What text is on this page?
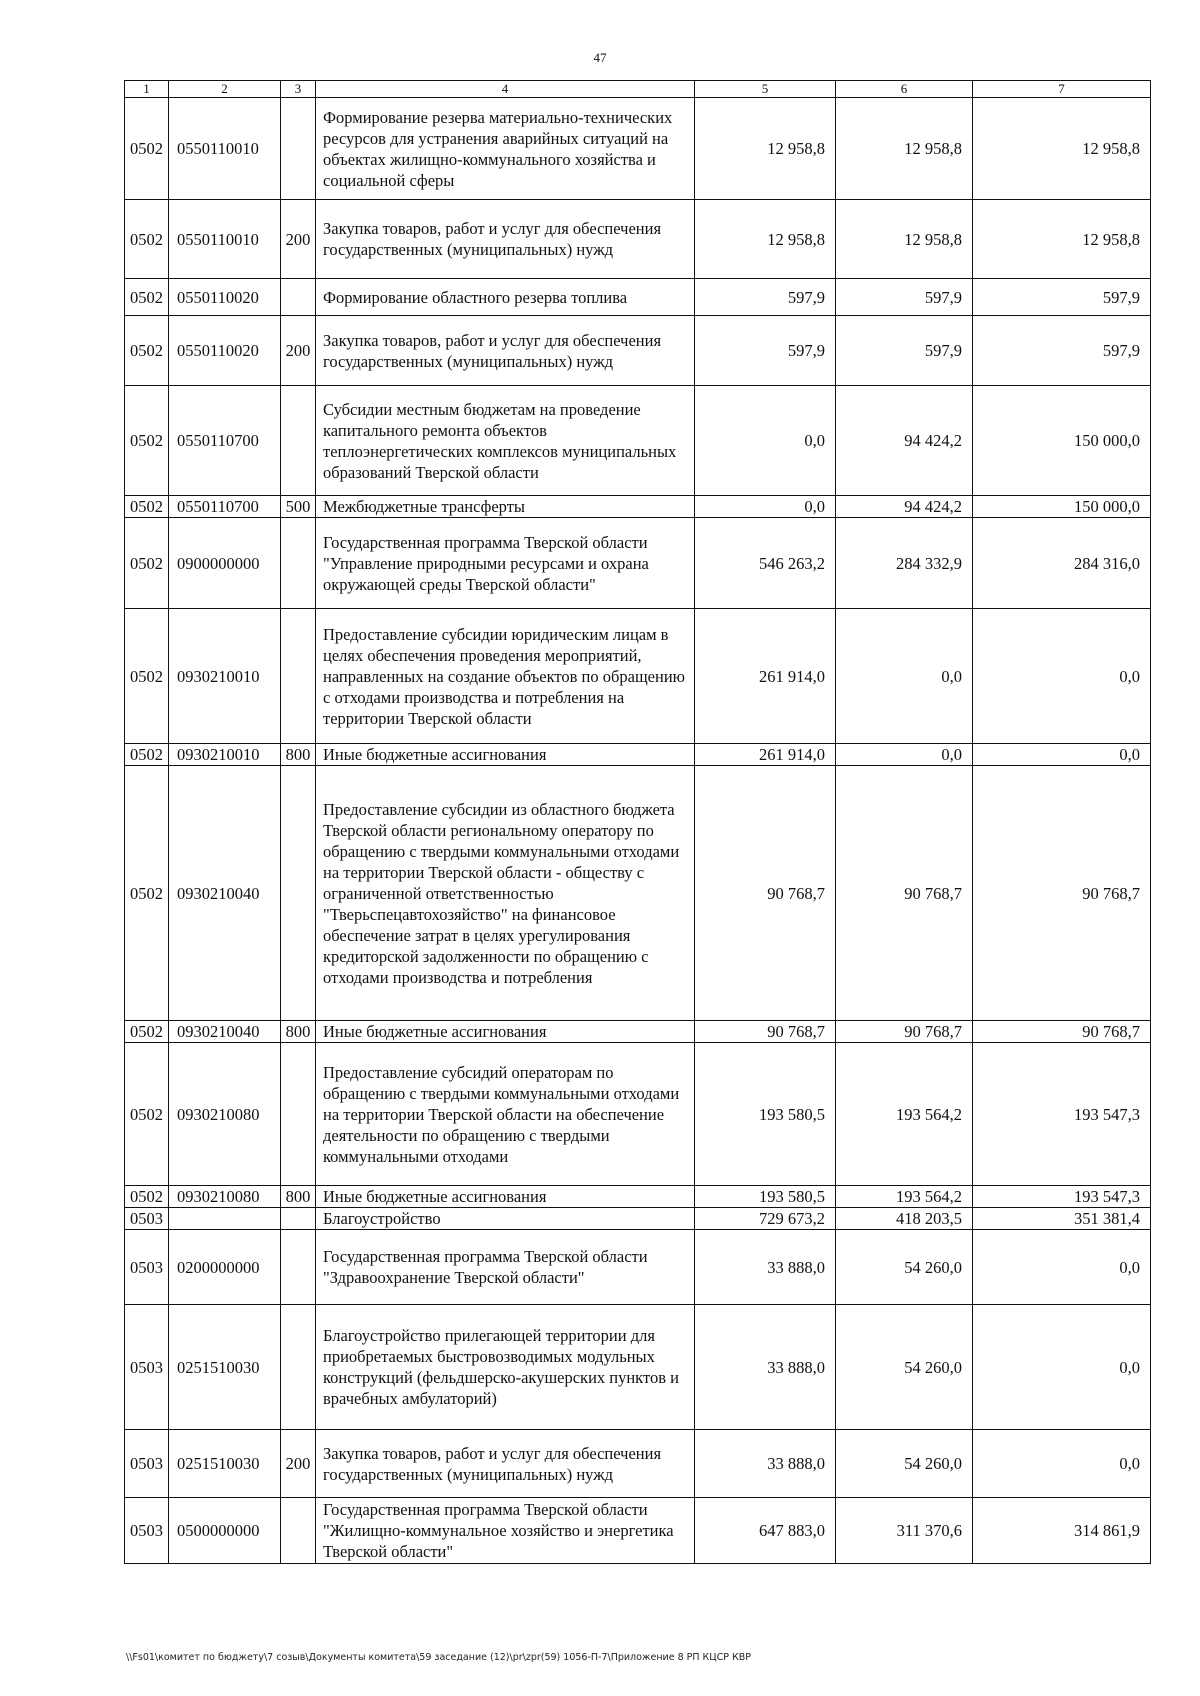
47
1	2	3	4	5	6	7
0502	0550110010		Формирование резерва материально-технических ресурсов для устранения аварийных ситуаций на объектах жилищно-коммунального хозяйства и социальной сферы	12 958,8	12 958,8	12 958,8
0502	0550110010	200	Закупка товаров, работ и услуг для обеспечения государственных (муниципальных) нужд	12 958,8	12 958,8	12 958,8
0502	0550110020		Формирование областного резерва топлива	597,9	597,9	597,9
0502	0550110020	200	Закупка товаров, работ и услуг для обеспечения государственных (муниципальных) нужд	597,9	597,9	597,9
0502	0550110700		Субсидии местным бюджетам на проведение капитального ремонта объектов теплоэнергетических комплексов муниципальных образований Тверской области	0,0	94 424,2	150 000,0
0502	0550110700	500	Межбюджетные трансферты	0,0	94 424,2	150 000,0
0502	0900000000		Государственная программа Тверской области "Управление природными ресурсами и охрана окружающей среды Тверской области"	546 263,2	284 332,9	284 316,0
0502	0930210010		Предоставление субсидии юридическим лицам в целях обеспечения проведения мероприятий, направленных на создание объектов по обращению с отходами производства и потребления на территории Тверской области	261 914,0	0,0	0,0
0502	0930210010	800	Иные бюджетные ассигнования	261 914,0	0,0	0,0
0502	0930210040		Предоставление субсидии из областного бюджета Тверской области региональному оператору по обращению с твердыми коммунальными отходами на территории Тверской области - обществу с ограниченной ответственностью "Тверьспецавтохозяйство" на финансовое обеспечение затрат в целях урегулирования кредиторской задолженности по обращению с отходами производства и потребления	90 768,7	90 768,7	90 768,7
0502	0930210040	800	Иные бюджетные ассигнования	90 768,7	90 768,7	90 768,7
0502	0930210080		Предоставление субсидий операторам по обращению с твердыми коммунальными отходами на территории Тверской области на обеспечение деятельности по обращению с твердыми коммунальными отходами	193 580,5	193 564,2	193 547,3
0502	0930210080	800	Иные бюджетные ассигнования	193 580,5	193 564,2	193 547,3
0503			Благоустройство	729 673,2	418 203,5	351 381,4
0503	0200000000		Государственная программа Тверской области "Здравоохранение Тверской области"	33 888,0	54 260,0	0,0
0503	0251510030		Благоустройство прилегающей территории для приобретаемых быстровозводимых модульных конструкций (фельдшерско-акушерских пунктов и врачебных амбулаторий)	33 888,0	54 260,0	0,0
0503	0251510030	200	Закупка товаров, работ и услуг для обеспечения государственных (муниципальных) нужд	33 888,0	54 260,0	0,0
0503	0500000000		Государственная программа Тверской области "Жилищно-коммунальное хозяйство и энергетика Тверской области"	647 883,0	311 370,6	314 861,9
\\Fs01\комитет по бюджету\7 созыв\Документы комитета\59 заседание (12)\pr\zpr(59) 1056-П-7\Приложение 8 РП КЦСР КВР
